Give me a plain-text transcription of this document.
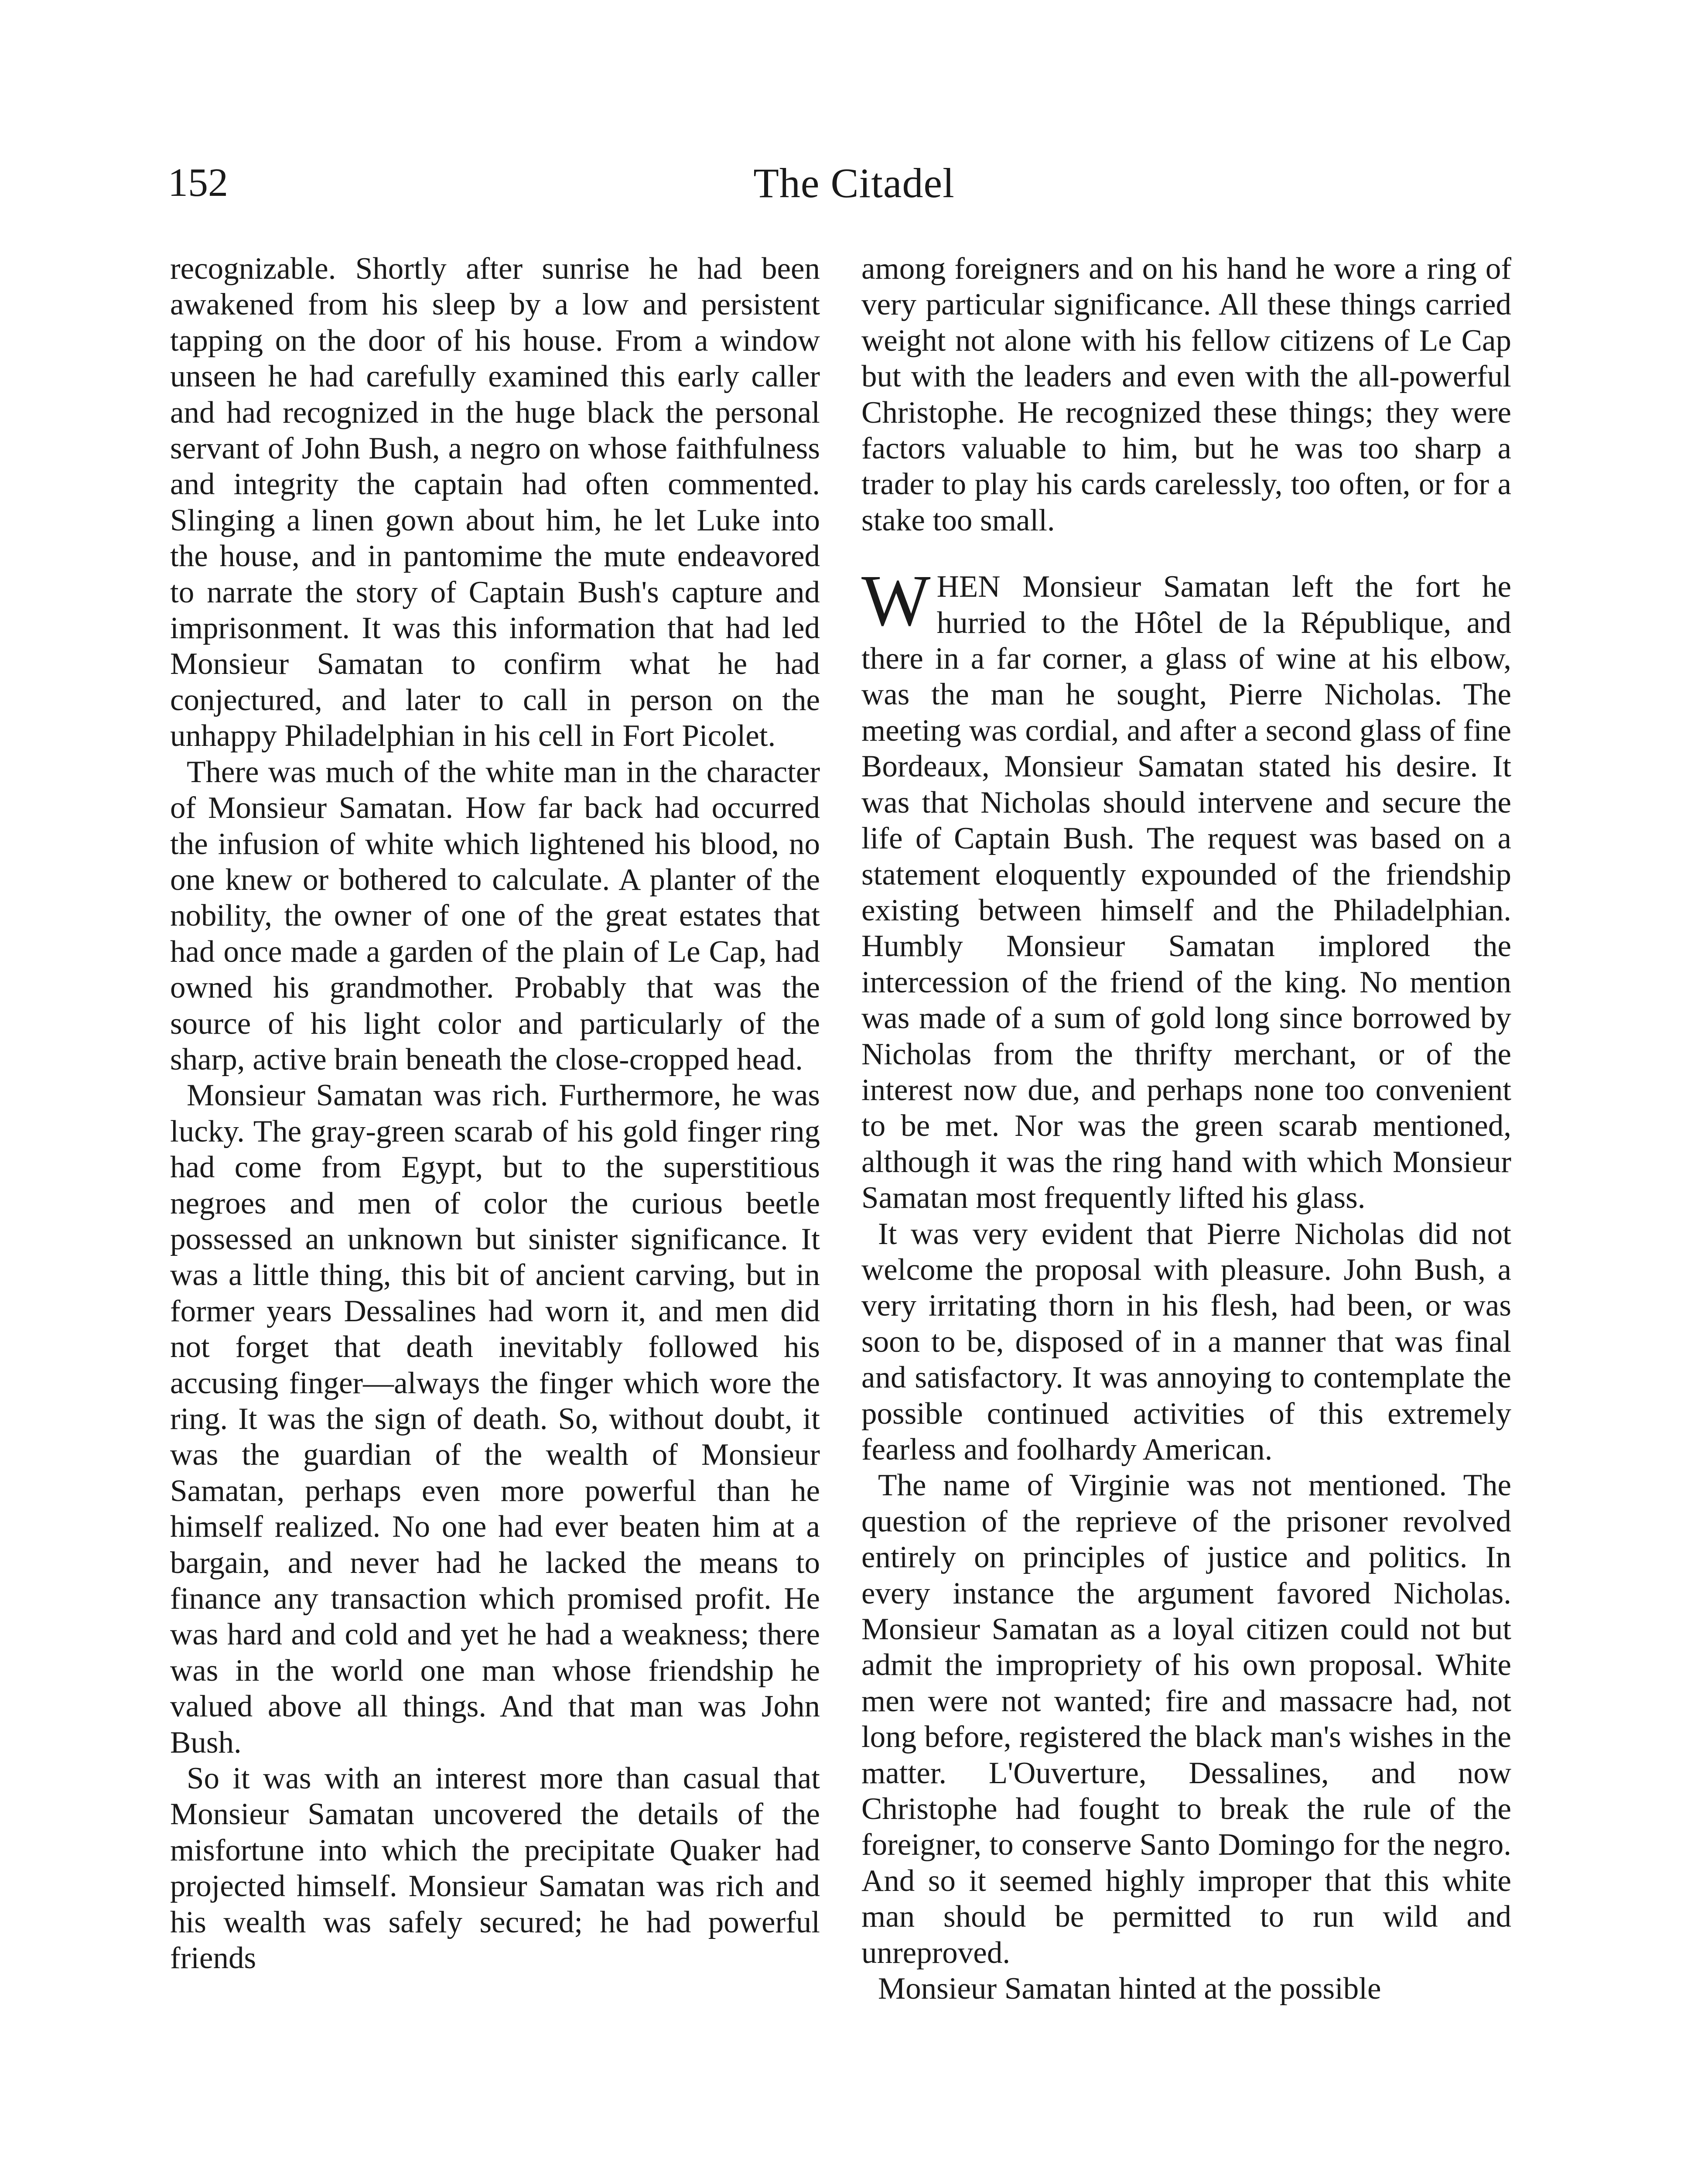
152	The Citadel

recognizable. Shortly after sunrise he had been awakened from his sleep by a low and persistent tapping on the door of his house. From a window unseen he had carefully examined this early caller and had recognized in the huge black the personal servant of John Bush, a negro on whose faithfulness and integrity the captain had often commented. Slinging a linen gown about him, he let Luke into the house, and in pantomime the mute endeavored to narrate the story of Captain Bush's capture and imprisonment. It was this information that had led Monsieur Samatan to confirm what he had conjectured, and later to call in person on the unhappy Philadelphian in his cell in Fort Picolet.

There was much of the white man in the character of Monsieur Samatan. How far back had occurred the infusion of white which lightened his blood, no one knew or bothered to calculate. A planter of the nobility, the owner of one of the great estates that had once made a garden of the plain of Le Cap, had owned his grandmother. Probably that was the source of his light color and particularly of the sharp, active brain beneath the close-cropped head.

Monsieur Samatan was rich. Furthermore, he was lucky. The gray-green scarab of his gold finger ring had come from Egypt, but to the superstitious negroes and men of color the curious beetle possessed an unknown but sinister significance. It was a little thing, this bit of ancient carving, but in former years Dessalines had worn it, and men did not forget that death inevitably followed his accusing finger—always the finger which wore the ring. It was the sign of death. So, without doubt, it was the guardian of the wealth of Monsieur Samatan, perhaps even more powerful than he himself realized. No one had ever beaten him at a bargain, and never had he lacked the means to finance any transaction which promised profit. He was hard and cold and yet he had a weakness; there was in the world one man whose friendship he valued above all things. And that man was John Bush.

So it was with an interest more than casual that Monsieur Samatan uncovered the details of the misfortune into which the precipitate Quaker had projected himself. Monsieur Samatan was rich and his wealth was safely secured; he had powerful friends

among foreigners and on his hand he wore a ring of very particular significance. All these things carried weight not alone with his fellow citizens of Le Cap but with the leaders and even with the all-powerful Christophe. He recognized these things; they were factors valuable to him, but he was too sharp a trader to play his cards carelessly, too often, or for a stake too small.

W HEN Monsieur Samatan left the fort he hurried to the Hôtel de la République, and there in a far corner, a glass of wine at his elbow, was the man he sought, Pierre Nicholas. The meeting was cordial, and after a second glass of fine Bordeaux, Monsieur Samatan stated his desire. It was that Nicholas should intervene and secure the life of Captain Bush. The request was based on a statement eloquently expounded of the friendship existing between himself and the Philadelphian. Humbly Monsieur Samatan implored the intercession of the friend of the king. No mention was made of a sum of gold long since borrowed by Nicholas from the thrifty merchant, or of the interest now due, and perhaps none too convenient to be met. Nor was the green scarab mentioned, although it was the ring hand with which Monsieur Samatan most frequently lifted his glass.

It was very evident that Pierre Nicholas did not welcome the proposal with pleasure. John Bush, a very irritating thorn in his flesh, had been, or was soon to be, disposed of in a manner that was final and satisfactory. It was annoying to contemplate the possible continued activities of this extremely fearless and foolhardy American.

The name of Virginie was not mentioned. The question of the reprieve of the prisoner revolved entirely on principles of justice and politics. In every instance the argument favored Nicholas. Monsieur Samatan as a loyal citizen could not but admit the impropriety of his own proposal. White men were not wanted; fire and massacre had, not long before, registered the black man's wishes in the matter. L'Ouverture, Dessalines, and now Christophe had fought to break the rule of the foreigner, to conserve Santo Domingo for the negro. And so it seemed highly improper that this white man should be permitted to run wild and unreproved.

Monsieur Samatan hinted at the possible
